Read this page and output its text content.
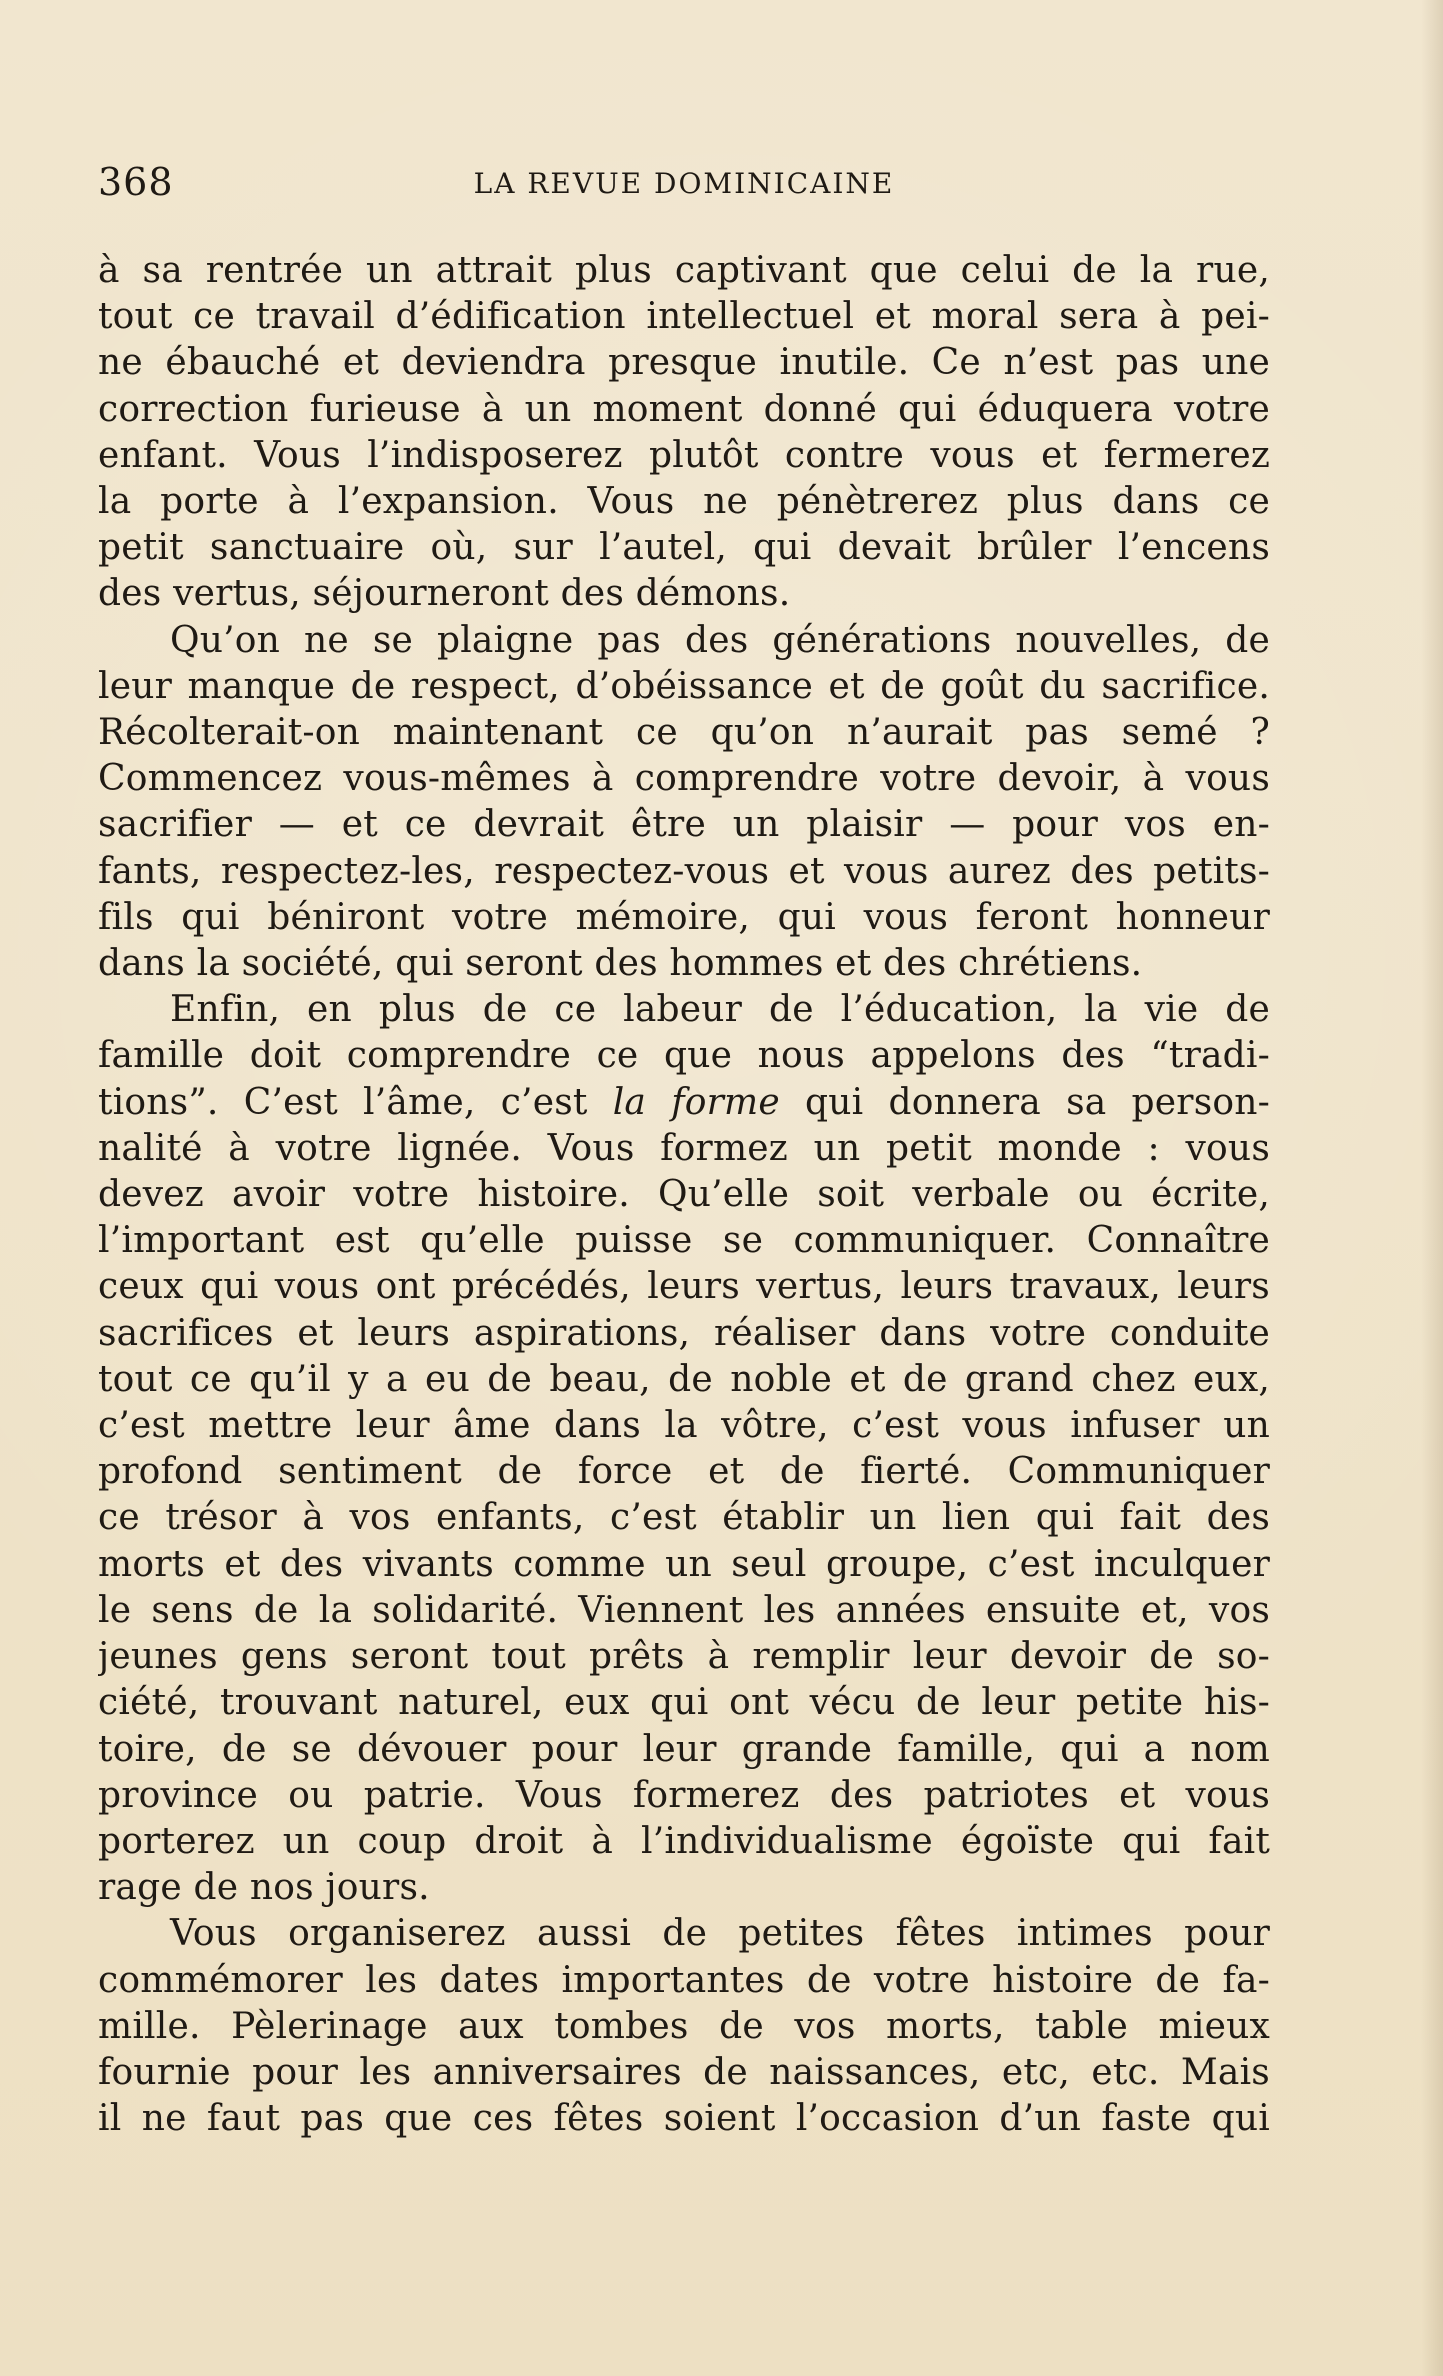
368	LA REVUE DOMINICAINE
à sa rentrée un attrait plus captivant que celui de la rue,
tout ce travail d’édification intellectuel et moral sera à pei-
ne ébauché et deviendra presque inutile. Ce n’est pas une
correction furieuse à un moment donné qui éduquera votre
enfant. Vous l’indisposerez plutôt contre vous et fermerez
la porte à l’expansion. Vous ne pénètrerez plus dans ce
petit sanctuaire où, sur l’autel, qui devait brûler l’encens
des vertus, séjourneront des démons.
Qu’on ne se plaigne pas des générations nouvelles, de
leur manque de respect, d’obéissance et de goût du sacrifice.
Récolterait-on maintenant ce qu’on n’aurait pas semé ?
Commencez vous-mêmes à comprendre votre devoir, à vous
sacrifier — et ce devrait être un plaisir — pour vos en-
fants, respectez-les, respectez-vous et vous aurez des petits-
fils qui béniront votre mémoire, qui vous feront honneur
dans la société, qui seront des hommes et des chrétiens.
Enfin, en plus de ce labeur de l’éducation, la vie de
famille doit comprendre ce que nous appelons des “tradi-
tions”. C’est l’âme, c’est la forme qui donnera sa person-
nalité à votre lignée. Vous formez un petit monde : vous
devez avoir votre histoire. Qu’elle soit verbale ou écrite,
l’important est qu’elle puisse se communiquer. Connaître
ceux qui vous ont précédés, leurs vertus, leurs travaux, leurs
sacrifices et leurs aspirations, réaliser dans votre conduite
tout ce qu’il y a eu de beau, de noble et de grand chez eux,
c’est mettre leur âme dans la vôtre, c’est vous infuser un
profond sentiment de force et de fierté. Communiquer
ce trésor à vos enfants, c’est établir un lien qui fait des
morts et des vivants comme un seul groupe, c’est inculquer
le sens de la solidarité. Viennent les années ensuite et, vos
jeunes gens seront tout prêts à remplir leur devoir de so-
ciété, trouvant naturel, eux qui ont vécu de leur petite his-
toire, de se dévouer pour leur grande famille, qui a nom
province ou patrie. Vous formerez des patriotes et vous
porterez un coup droit à l’individualisme égoïste qui fait
rage de nos jours.
Vous organiserez aussi de petites fêtes intimes pour
commémorer les dates importantes de votre histoire de fa-
mille. Pèlerinage aux tombes de vos morts, table mieux
fournie pour les anniversaires de naissances, etc, etc. Mais
il ne faut pas que ces fêtes soient l’occasion d’un faste qui
